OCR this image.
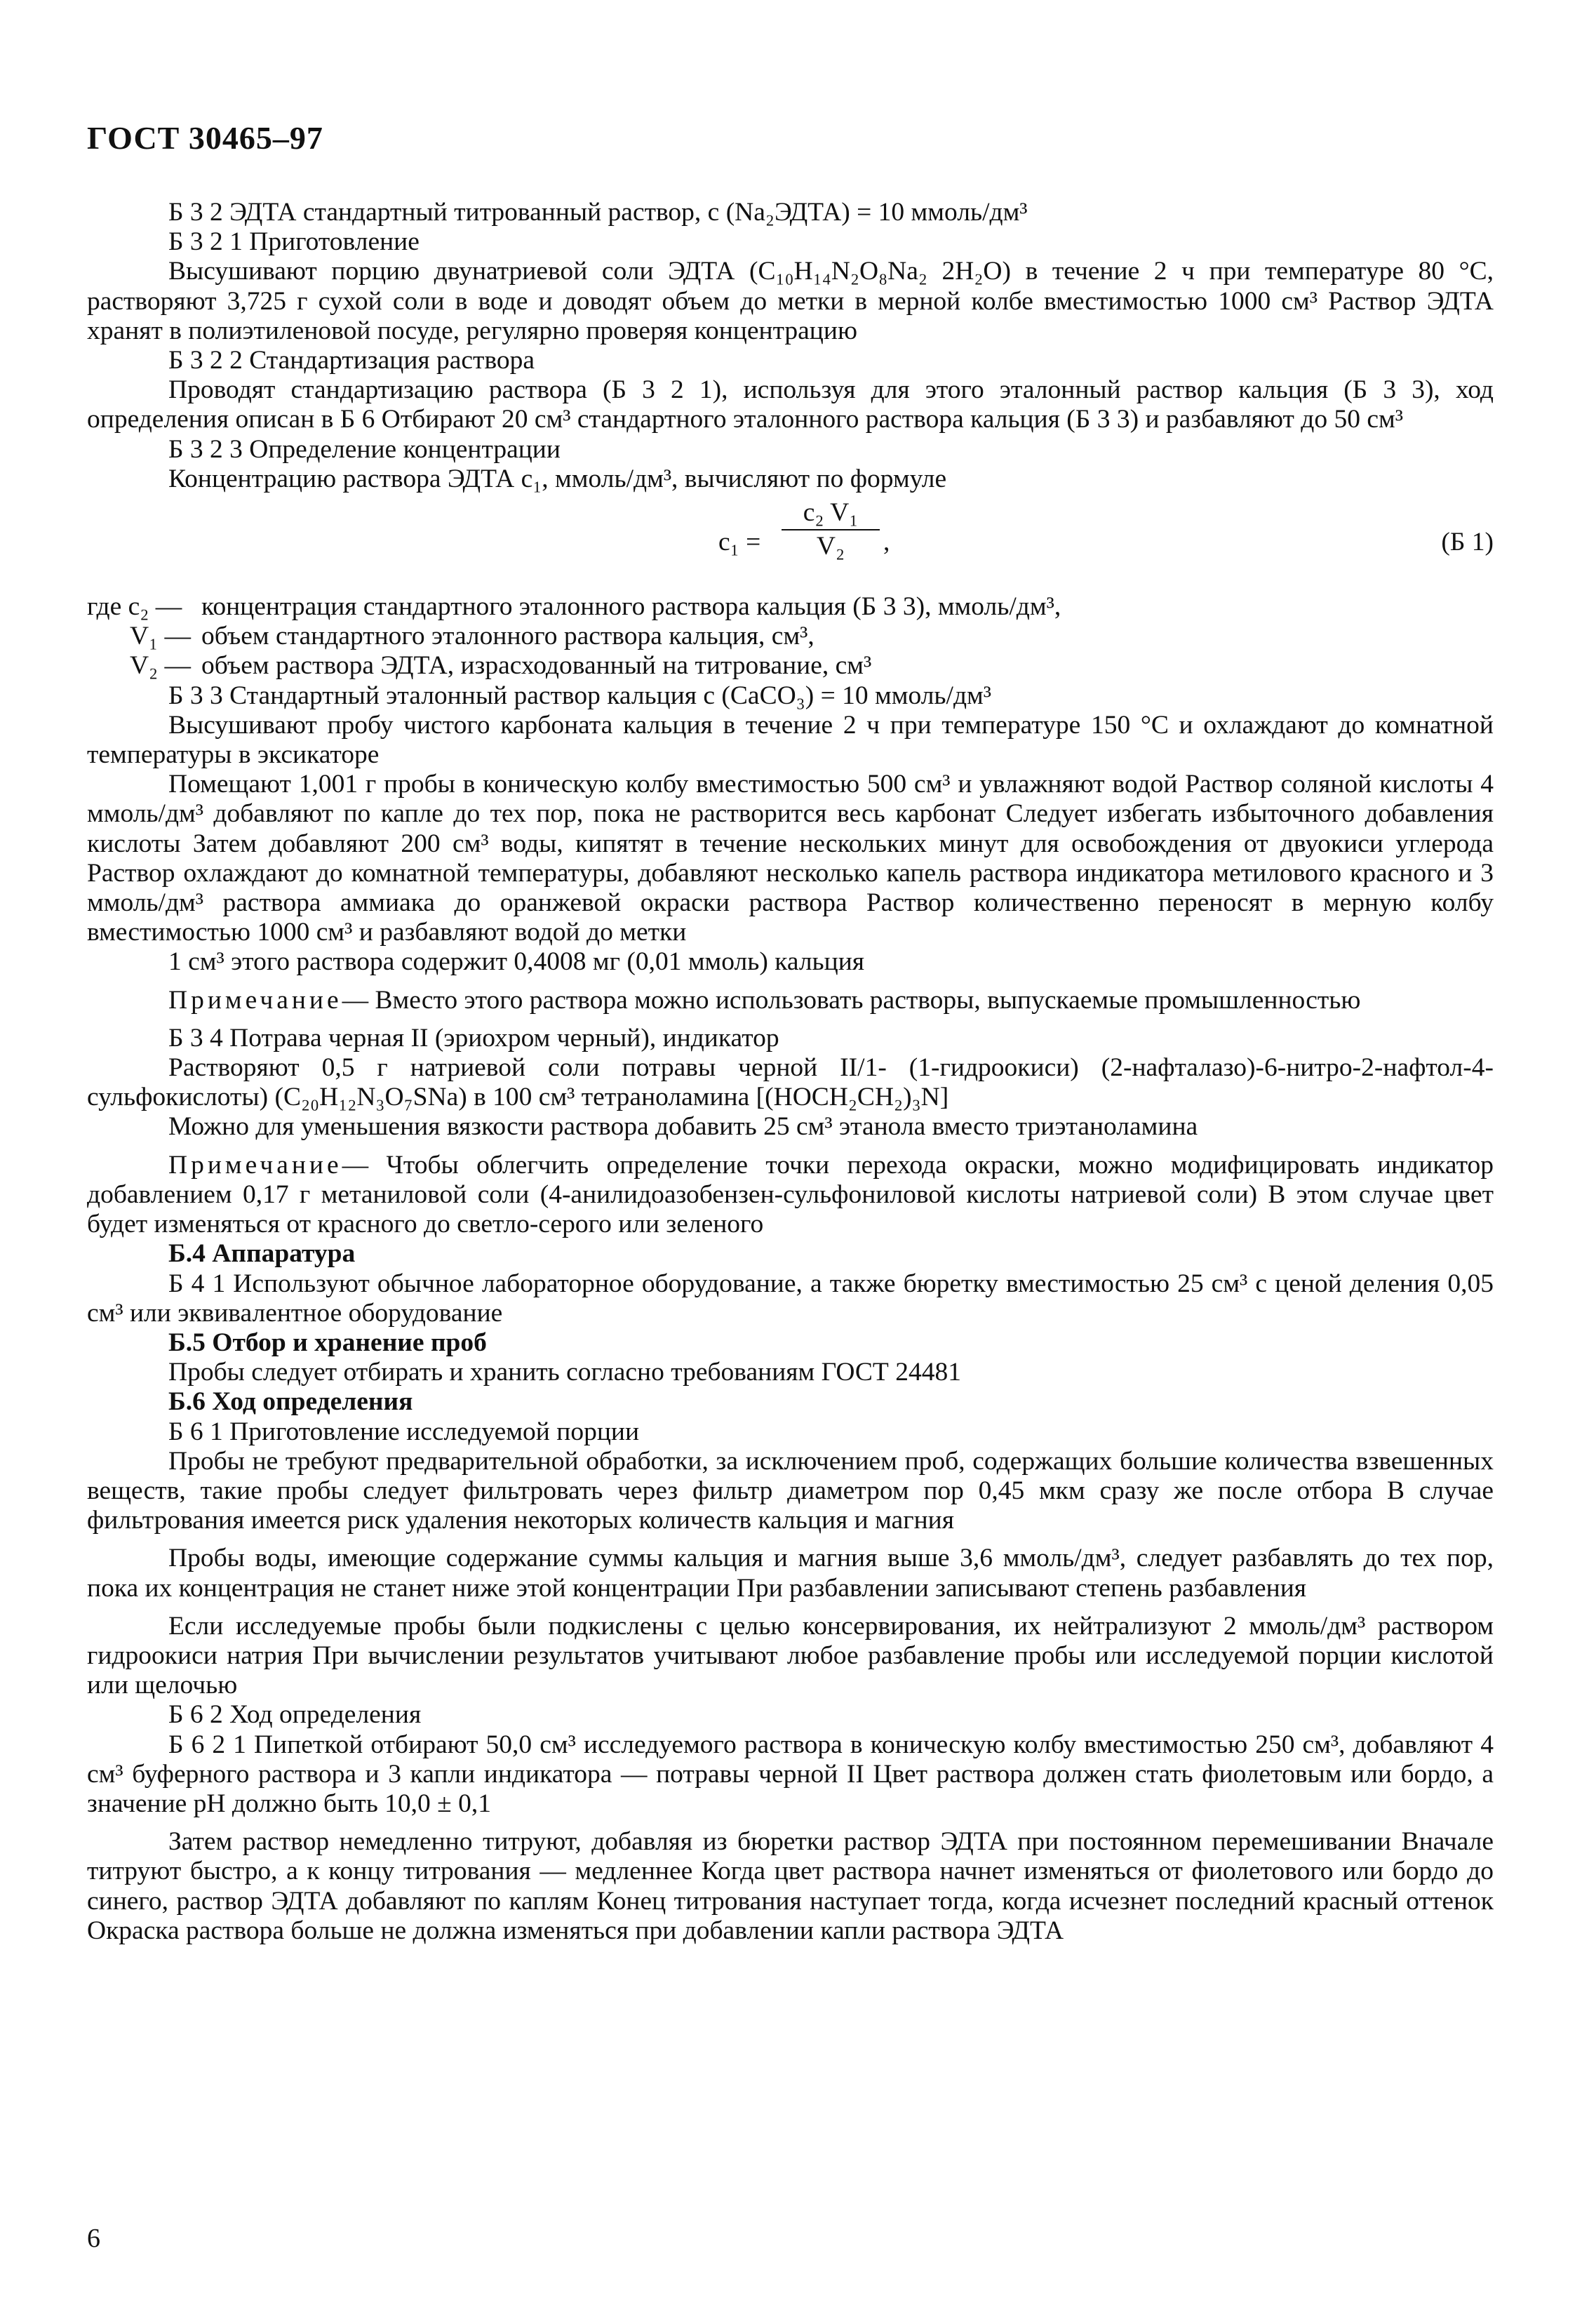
ГОСТ 30465–97

Б 3 2 ЭДТА стандартный титрованный раствор, c (Na₂ЭДТА) = 10 ммоль/дм³

Б 3 2 1 Приготовление

Высушивают порцию двунатриевой соли ЭДТА (C₁₀H₁₄N₂O₈Na₂ 2H₂O) в течение 2 ч при температуре 80 °С, растворяют 3,725 г сухой соли в воде и доводят объем до метки в мерной колбе вместимостью 1000 см³ Раствор ЭДТА хранят в полиэтиленовой посуде, регулярно проверяя концентрацию

Б 3 2 2 Стандартизация раствора

Проводят стандартизацию раствора (Б 3 2 1), используя для этого эталонный раствор кальция (Б 3 3), ход определения описан в Б 6 Отбирают 20 см³ стандартного эталонного раствора кальция (Б 3 3) и разбавляют до 50 см³

Б 3 2 3 Определение концентрации

Концентрацию раствора ЭДТА c₁, ммоль/дм³, вычисляют по формуле

$c_1 = \frac{\text{c₂ V₁}}{\text{V₂}}$ ,	(Б 1)
где c₂ — концентрация стандартного эталонного раствора кальция (Б 3 3), ммоль/дм³,
V₁ — объем стандартного эталонного раствора кальция, см³,
V₂ — объем раствора ЭДТА, израсходованный на титрование, см³

Б 3 3 Стандартный эталонный раствор кальция c (CaCO₃) = 10 ммоль/дм³

Высушивают пробу чистого карбоната кальция в течение 2 ч при температуре 150 °С и охлаждают до комнатной температуры в эксикаторе

Помещают 1,001 г пробы в коническую колбу вместимостью 500 см³ и увлажняют водой Раствор соляной кислоты 4 ммоль/дм³ добавляют по капле до тех пор, пока не растворится весь карбонат Следует избегать избыточного добавления кислоты Затем добавляют 200 см³ воды, кипятят в течение нескольких минут для освобождения от двуокиси углерода Раствор охлаждают до комнатной температуры, добавляют несколько капель раствора индикатора метилового красного и 3 ммоль/дм³ раствора аммиака до оранжевой окраски раствора Раствор количественно переносят в мерную колбу вместимостью 1000 см³ и разбавляют водой до метки

1 см³ этого раствора содержит 0,4008 мг (0,01 ммоль) кальция

Примечание— Вместо этого раствора можно использовать растворы, выпускаемые промышленностью

Б 3 4 Потрава черная II (эриохром черный), индикатор

Растворяют 0,5 г натриевой соли потравы черной II/1- (1-гидроокиси) (2-нафталазо)-6-нитро-2-нафтол-4-сульфокислоты) (C₂₀H₁₂N₃O₇SNa) в 100 см³ тетраноламина [(HOCH₂CH₂)₃N]

Можно для уменьшения вязкости раствора добавить 25 см³ этанола вместо триэтаноламина

Примечание— Чтобы облегчить определение точки перехода окраски, можно модифицировать индикатор добавлением 0,17 г метаниловой соли (4-анилидоазобензен-сульфониловой кислоты натриевой соли) В этом случае цвет будет изменяться от красного до светло-серого или зеленого

Б.4 Аппаратура

Б 4 1 Используют обычное лабораторное оборудование, а также бюретку вместимостью 25 см³ с ценой деления 0,05 см³ или эквивалентное оборудование

Б.5 Отбор и хранение проб

Пробы следует отбирать и хранить согласно требованиям ГОСТ 24481

Б.6 Ход определения

Б 6 1 Приготовление исследуемой порции

Пробы не требуют предварительной обработки, за исключением проб, содержащих большие количества взвешенных веществ, такие пробы следует фильтровать через фильтр диаметром пор 0,45 мкм сразу же после отбора В случае фильтрования имеется риск удаления некоторых количеств кальция и магния

Пробы воды, имеющие содержание суммы кальция и магния выше 3,6 ммоль/дм³, следует разбавлять до тех пор, пока их концентрация не станет ниже этой концентрации При разбавлении записывают степень разбавления

Если исследуемые пробы были подкислены с целью консервирования, их нейтрализуют 2 ммоль/дм³ раствором гидроокиси натрия При вычислении результатов учитывают любое разбавление пробы или исследуемой порции кислотой или щелочью

Б 6 2 Ход определения

Б 6 2 1 Пипеткой отбирают 50,0 см³ исследуемого раствора в коническую колбу вместимостью 250 см³, добавляют 4 см³ буферного раствора и 3 капли индикатора — потравы черной II Цвет раствора должен стать фиолетовым или бордо, а значение pH должно быть 10,0 ± 0,1

Затем раствор немедленно титруют, добавляя из бюретки раствор ЭДТА при постоянном перемешивании Вначале титруют быстро, а к концу титрования — медленнее Когда цвет раствора начнет изменяться от фиолетового или бордо до синего, раствор ЭДТА добавляют по каплям Конец титрования наступает тогда, когда исчезнет последний красный оттенок Окраска раствора больше не должна изменяться при добавлении капли раствора ЭДТА

6
